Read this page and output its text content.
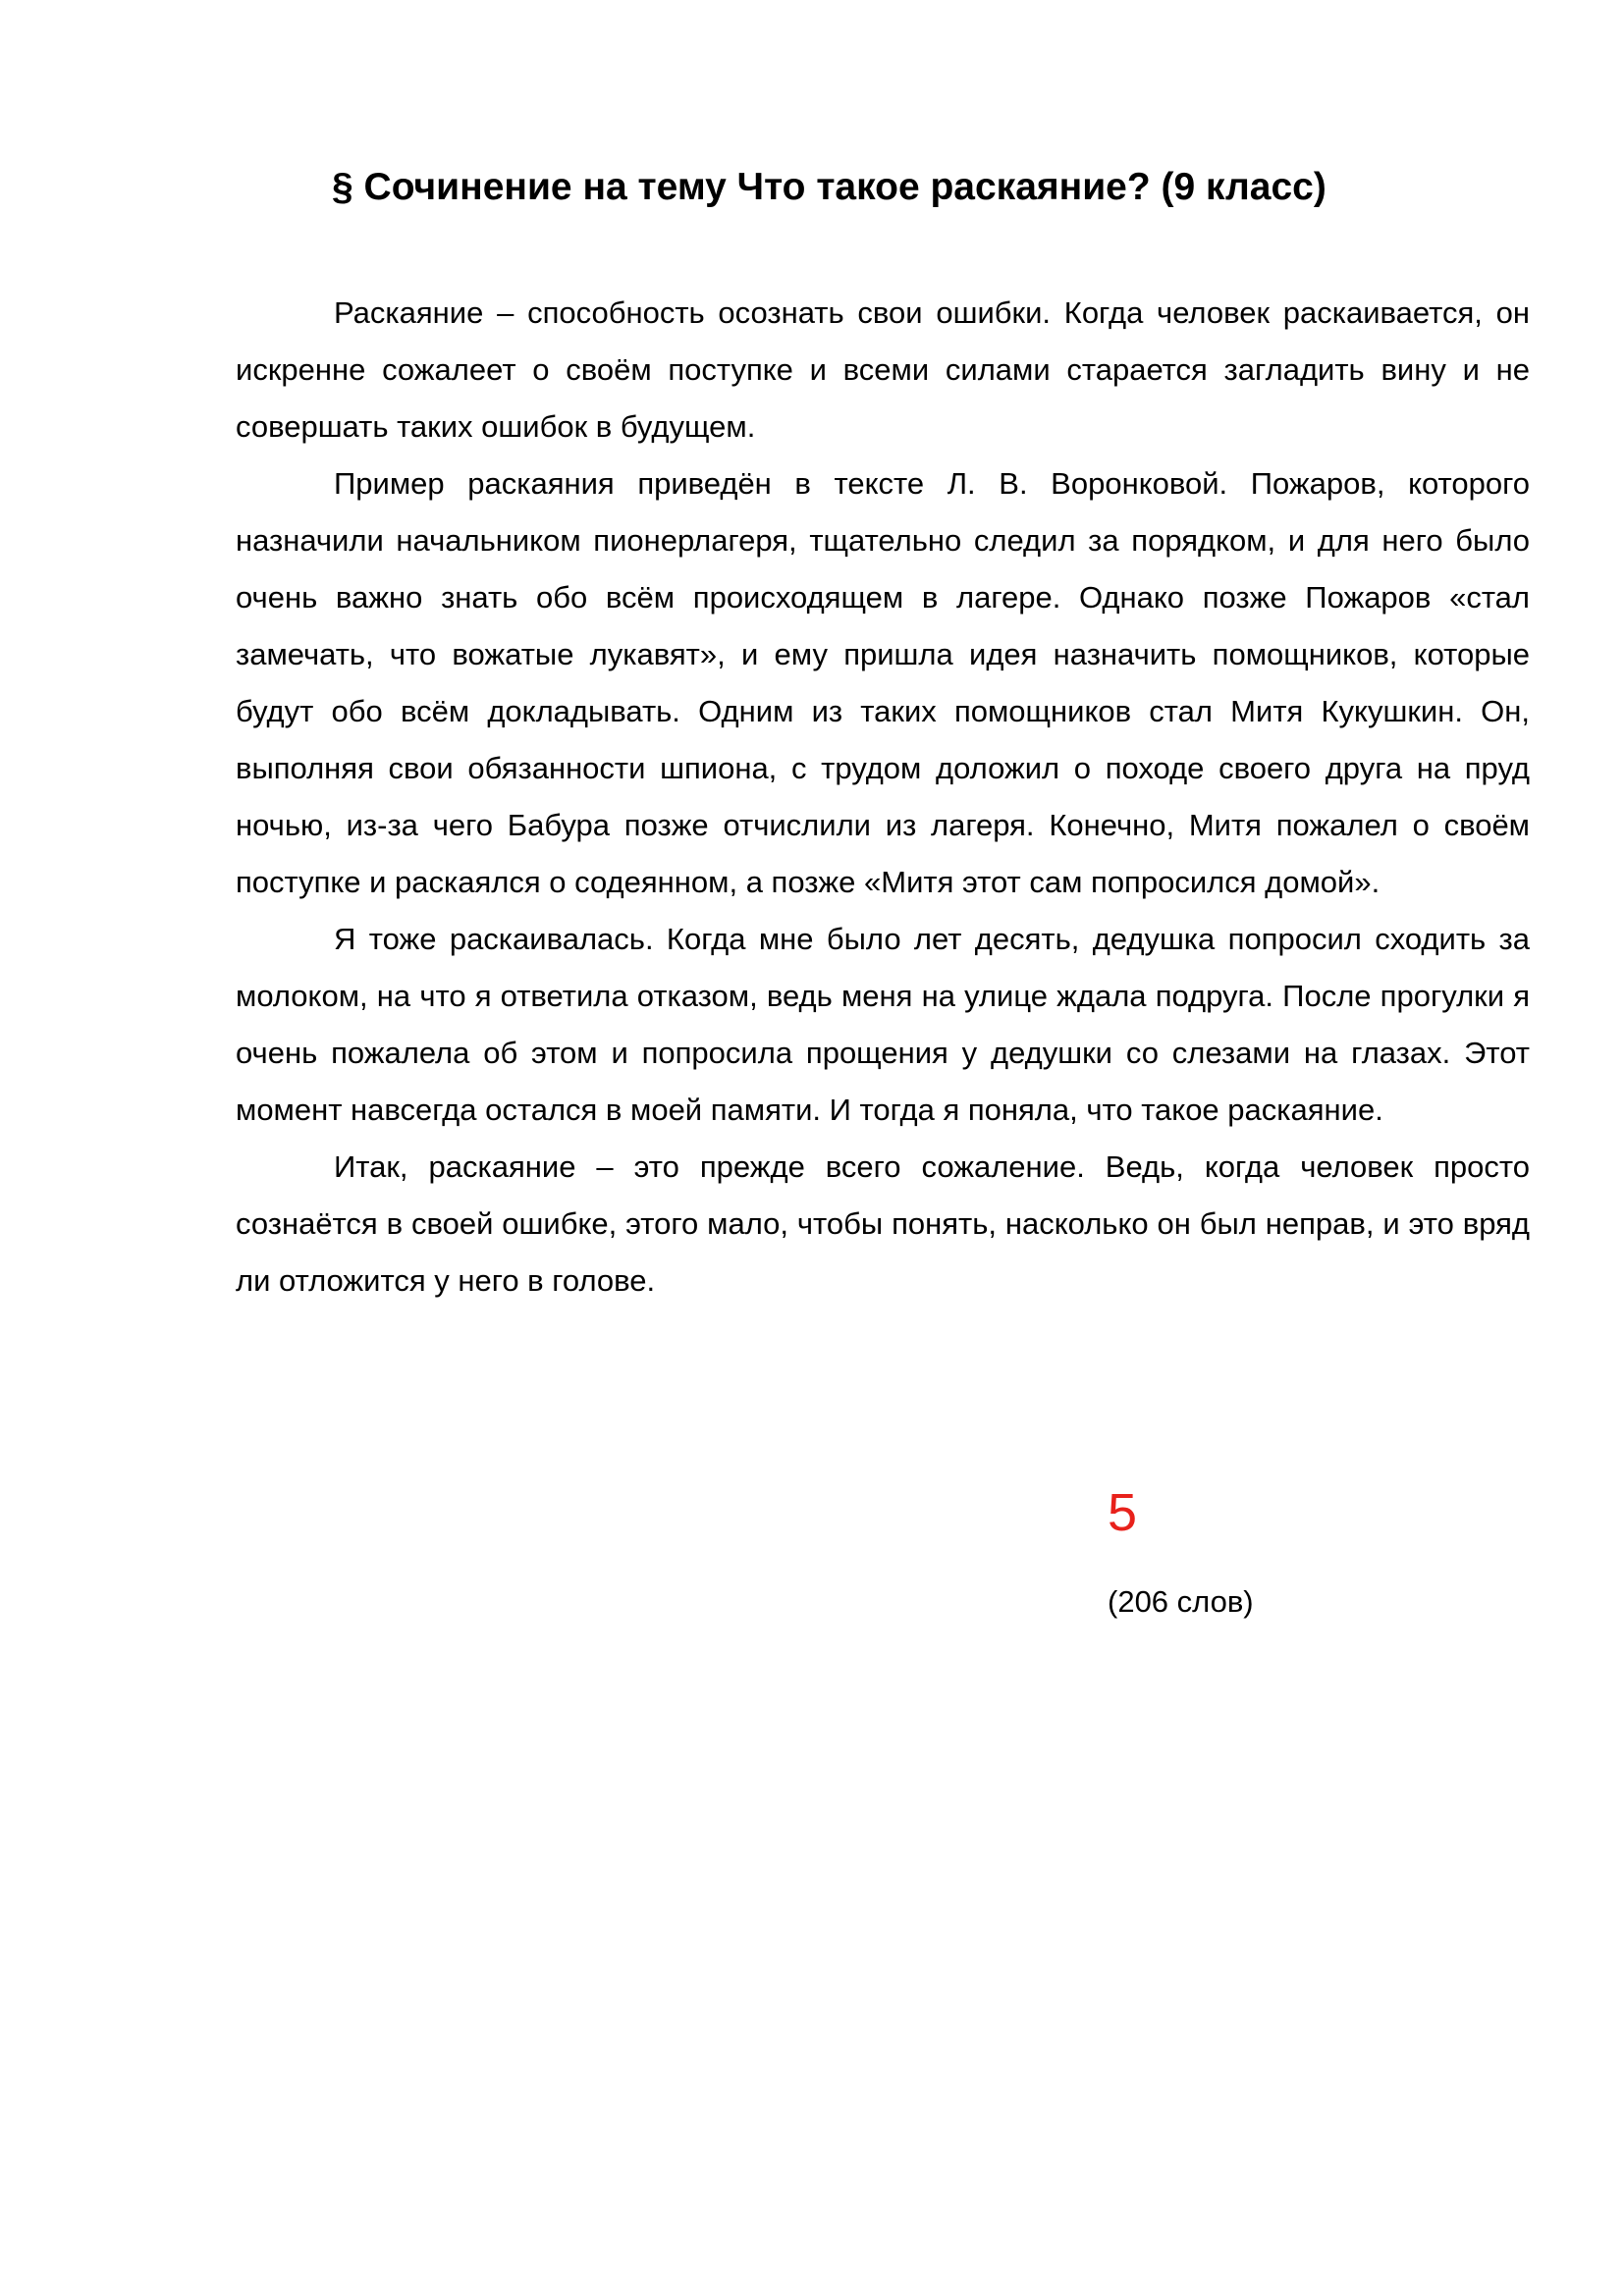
§ Сочинение на тему Что такое раскаяние? (9 класс)

Раскаяние – способность осознать свои ошибки. Когда человек раскаивается, он искренне сожалеет о своём поступке и всеми силами старается загладить вину и не совершать таких ошибок в будущем.

Пример раскаяния приведён в тексте Л. В. Воронковой. Пожаров, которого назначили начальником пионерлагеря, тщательно следил за порядком, и для него было очень важно знать обо всём происходящем в лагере. Однако позже Пожаров «стал замечать, что вожатые лукавят», и ему пришла идея назначить помощников, которые будут обо всём докладывать. Одним из таких помощников стал Митя Кукушкин. Он, выполняя свои обязанности шпиона, с трудом доложил о походе своего друга на пруд ночью, из-за чего Бабура позже отчислили из лагеря. Конечно, Митя пожалел о своём поступке и раскаялся о содеянном, а позже «Митя этот сам попросился домой».

Я тоже раскаивалась. Когда мне было лет десять, дедушка попросил сходить за молоком, на что я ответила отказом, ведь меня на улице ждала подруга. После прогулки я очень пожалела об этом и попросила прощения у дедушки со слезами на глазах. Этот момент навсегда остался в моей памяти. И тогда я поняла, что такое раскаяние.

Итак, раскаяние – это прежде всего сожаление. Ведь, когда человек просто сознаётся в своей ошибке, этого мало, чтобы понять, насколько он был неправ, и это вряд ли отложится у него в голове.

5
(206 слов)
